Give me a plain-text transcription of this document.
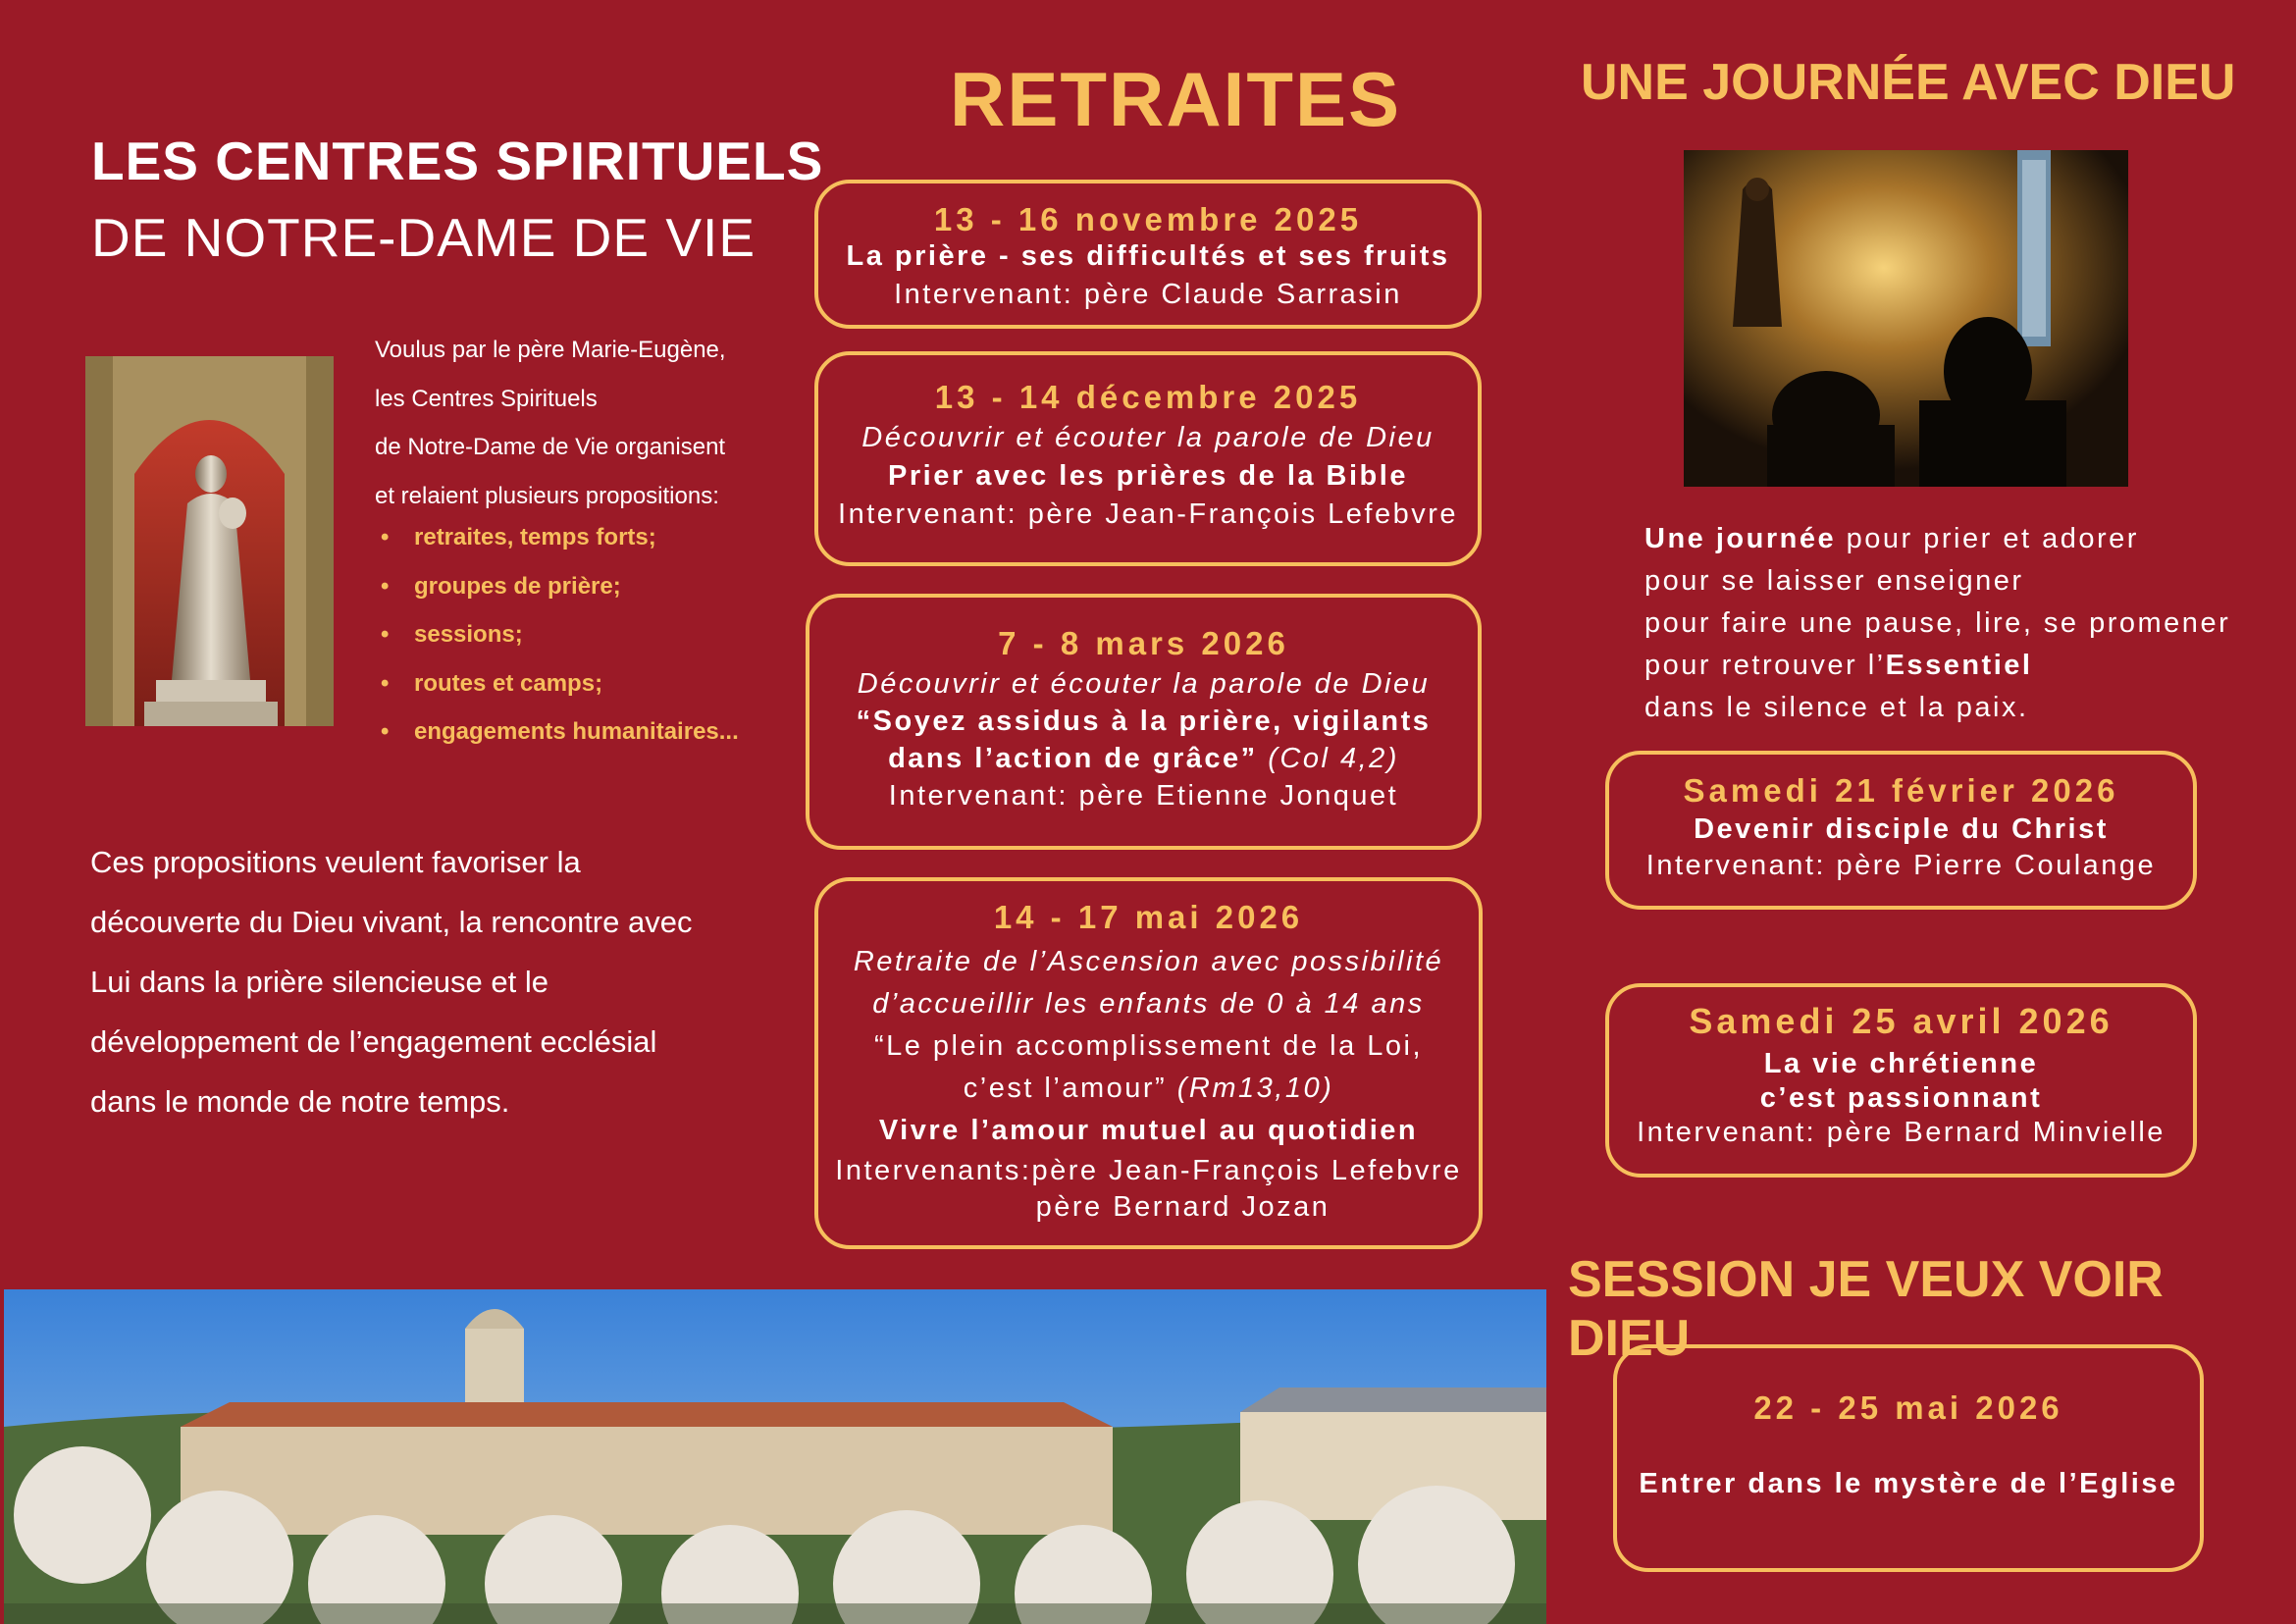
LES CENTRES SPIRITUELS
DE NOTRE-DAME DE VIE
Voulus par le père Marie-Eugène,
les Centres Spirituels
de Notre-Dame de Vie organisent
et relaient plusieurs propositions:
• retraites, temps forts;
• groupes de prière;
• sessions;
• routes et camps;
• engagements humanitaires...
Ces propositions veulent favoriser la
découverte du Dieu vivant, la rencontre avec
Lui dans la prière silencieuse et le
développement de l’engagement ecclésial
dans le monde de notre temps.
RETRAITES
13 - 16 novembre 2025
La prière - ses difficultés et ses fruits
Intervenant: père Claude Sarrasin
13 - 14 décembre 2025
Découvrir et écouter la parole de Dieu
Prier avec les prières de la Bible
Intervenant: père Jean-François Lefebvre
7 - 8 mars 2026
Découvrir et écouter la parole de Dieu
“Soyez assidus à la prière, vigilants
dans l’action de grâce” (Col 4,2)
Intervenant: père Etienne Jonquet
14 - 17 mai 2026
Retraite de l’Ascension avec possibilité
d’accueillir les enfants de 0 à 14 ans
“Le plein accomplissement de la Loi,
c’est l’amour” (Rm13,10)
Vivre l’amour mutuel au quotidien
Intervenants:père Jean-François Lefebvre
père Bernard Jozan
UNE JOURNÉE AVEC DIEU
Une journée pour prier et adorer
pour se laisser enseigner
pour faire une pause, lire, se promener
pour retrouver l’Essentiel
dans le silence et la paix.
Samedi 21 février 2026
Devenir disciple du Christ
Intervenant: père Pierre Coulange
Samedi 25 avril 2026
La vie chrétienne
c’est passionnant
Intervenant: père Bernard Minvielle
SESSION JE VEUX VOIR DIEU
22 - 25 mai 2026
Entrer dans le mystère de l’Eglise
